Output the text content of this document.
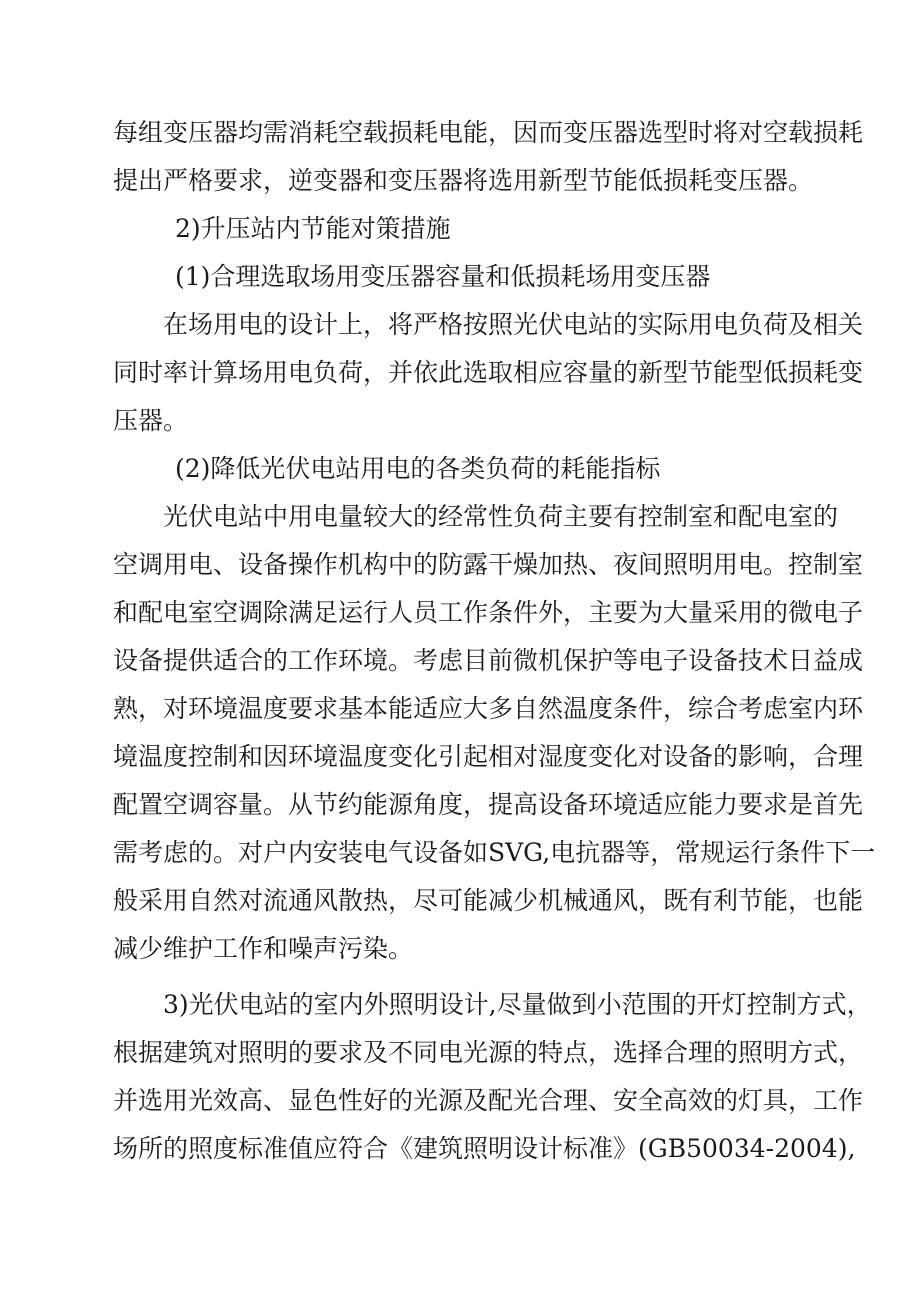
每组变压器均需消耗空载损耗电能，因而变压器选型时将对空载损耗
提出严格要求，逆变器和变压器将选用新型节能低损耗变压器。
2)升压站内节能对策措施
(1)合理选取场用变压器容量和低损耗场用变压器
在场用电的设计上，将严格按照光伏电站的实际用电负荷及相关
同时率计算场用电负荷，并依此选取相应容量的新型节能型低损耗变
压器。
(2)降低光伏电站用电的各类负荷的耗能指标
光伏电站中用电量较大的经常性负荷主要有控制室和配电室的
空调用电、设备操作机构中的防露干燥加热、夜间照明用电。控制室
和配电室空调除满足运行人员工作条件外，主要为大量采用的微电子
设备提供适合的工作环境。考虑目前微机保护等电子设备技术日益成
熟，对环境温度要求基本能适应大多自然温度条件，综合考虑室内环
境温度控制和因环境温度变化引起相对湿度变化对设备的影响，合理
配置空调容量。从节约能源角度，提高设备环境适应能力要求是首先
需考虑的。对户内安装电气设备如SVG,电抗器等，常规运行条件下一
般采用自然对流通风散热，尽可能减少机械通风，既有利节能，也能
减少维护工作和噪声污染。
3)光伏电站的室内外照明设计,尽量做到小范围的开灯控制方式，
根据建筑对照明的要求及不同电光源的特点，选择合理的照明方式，
并选用光效高、显色性好的光源及配光合理、安全高效的灯具，工作
场所的照度标准值应符合《建筑照明设计标准》(GB50034-2004),
